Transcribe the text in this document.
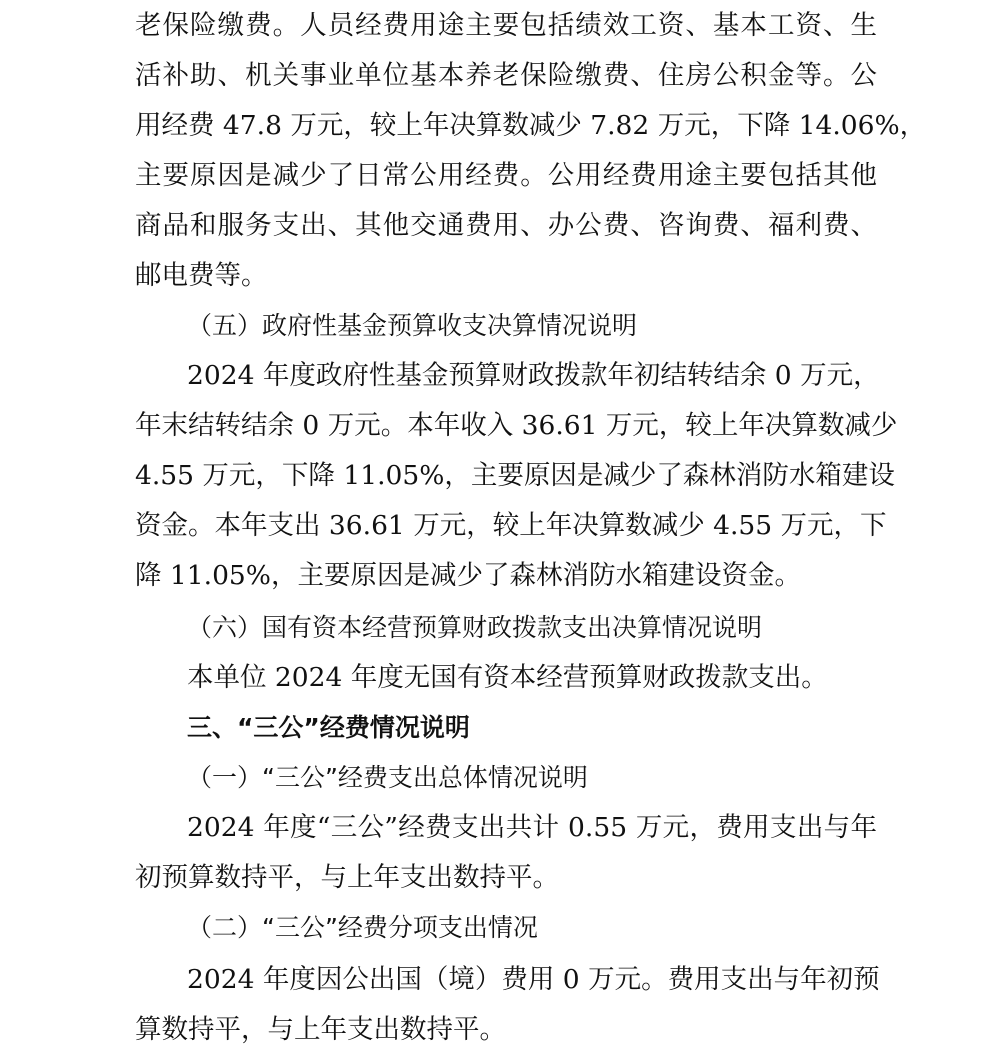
老保险缴费。人员经费用途主要包括绩效工资、基本工资、生
活补助、机关事业单位基本养老保险缴费、住房公积金等。公
用经费 47.8 万元，较上年决算数减少 7.82 万元，下降 14.06%，
主要原因是减少了日常公用经费。公用经费用途主要包括其他
商品和服务支出、其他交通费用、办公费、咨询费、福利费、
邮电费等。
（五）政府性基金预算收支决算情况说明
2024 年度政府性基金预算财政拨款年初结转结余 0 万元，
年末结转结余 0 万元。本年收入 36.61 万元，较上年决算数减少
4.55 万元，下降 11.05%，主要原因是减少了森林消防水箱建设
资金。本年支出 36.61 万元，较上年决算数减少 4.55 万元，下
降 11.05%，主要原因是减少了森林消防水箱建设资金。
（六）国有资本经营预算财政拨款支出决算情况说明
本单位 2024 年度无国有资本经营预算财政拨款支出。
三、“三公”经费情况说明
（一）“三公”经费支出总体情况说明
2024 年度“三公”经费支出共计 0.55 万元，费用支出与年
初预算数持平，与上年支出数持平。
（二）“三公”经费分项支出情况
2024 年度因公出国（境）费用 0 万元。费用支出与年初预
算数持平，与上年支出数持平。
